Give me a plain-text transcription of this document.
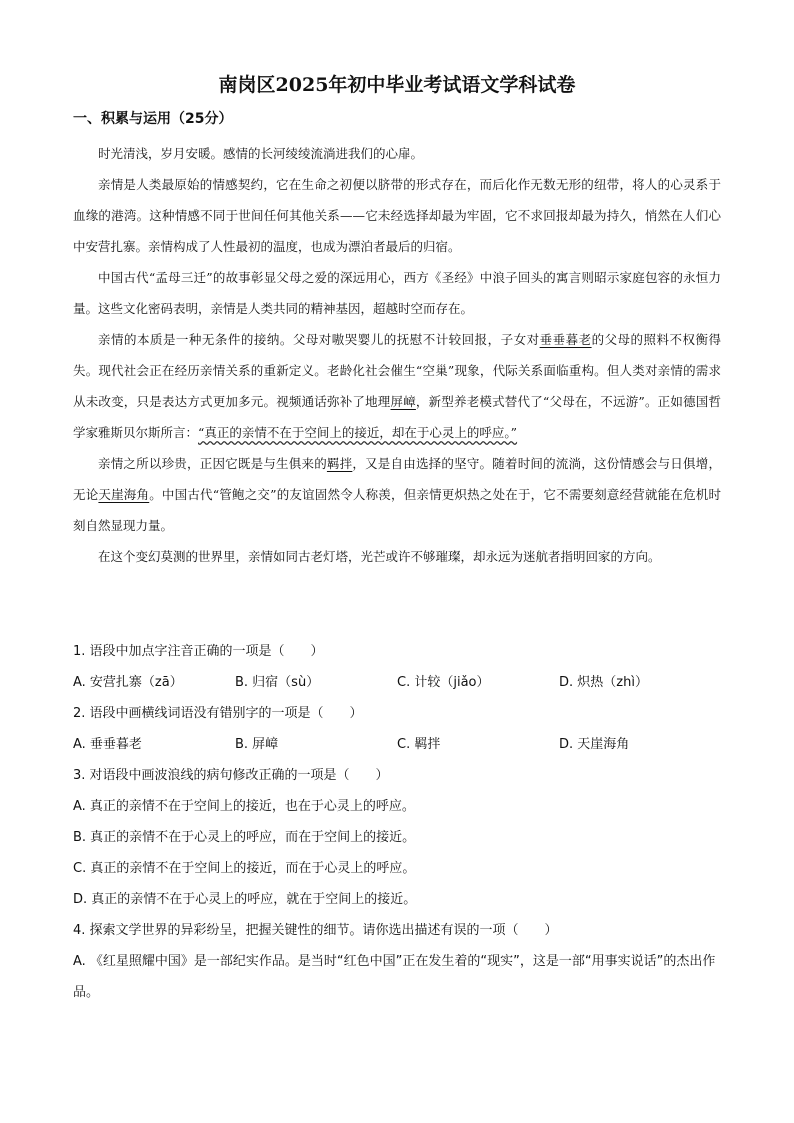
南岗区2025年初中毕业考试语文学科试卷
一、积累与运用（25分）

时光清浅，岁月安暖。感情的长河绫绫流淌进我们的心扉。

亲情是人类最原始的情感契约，它在生命之初便以脐带的形式存在，而后化作无数无形的纽带，将人的心灵系于血缘的港湾。这种情感不同于世间任何其他关系——它未经选择却最为牢固，它不求回报却最为持久，悄然在人们心中安营扎寨。亲情构成了人性最初的温度，也成为漂泊者最后的归宿。

中国古代“孟母三迁”的故事彰显父母之爱的深远用心，西方《圣经》中浪子回头的寓言则昭示家庭包容的永恒力量。这些文化密码表明，亲情是人类共同的精神基因，超越时空而存在。

亲情的本质是一种无条件的接纳。父母对嗷哭婴儿的抚慰不计较回报，子女对垂垂暮老的父母的照料不权衡得失。现代社会正在经历亲情关系的重新定义。老龄化社会催生“空巢”现象，代际关系面临重构。但人类对亲情的需求从未改变，只是表达方式更加多元。视频通话弥补了地理屏嶂，新型养老模式替代了“父母在，不远游”。正如德国哲学家雅斯贝尔斯所言：“真正的亲情不在于空间上的接近，却在于心灵上的呼应。”

亲情之所以珍贵，正因它既是与生俱来的羁拌，又是自由选择的坚守。随着时间的流淌，这份情感会与日俱增，无论天崖海角。中国古代“管鲍之交”的友谊固然令人称羡，但亲情更炽热之处在于，它不需要刻意经营就能在危机时刻自然显现力量。

在这个变幻莫测的世界里，亲情如同古老灯塔，光芒或许不够璀璨，却永远为迷航者指明回家的方向。

1. 语段中加点字注音正确的一项是（　　）
A. 安营扎寨（zā）	B. 归宿（sù）	C. 计较（jiǎo）	D. 炽热（zhì）
2. 语段中画横线词语没有错别字的一项是（　　）
A. 垂垂暮老	B. 屏嶂	C. 羁拌	D. 天崖海角
3. 对语段中画波浪线的病句修改正确的一项是（　　）
A. 真正的亲情不在于空间上的接近，也在于心灵上的呼应。
B. 真正的亲情不在于心灵上的呼应，而在于空间上的接近。
C. 真正的亲情不在于空间上的接近，而在于心灵上的呼应。
D. 真正的亲情不在于心灵上的呼应，就在于空间上的接近。
4. 探索文学世界的异彩纷呈，把握关键性的细节。请你选出描述有误的一项（　　）
A. 《红星照耀中国》是一部纪实作品。是当时“红色中国”正在发生着的“现实”，这是一部“用事实说话”的杰出作品。
